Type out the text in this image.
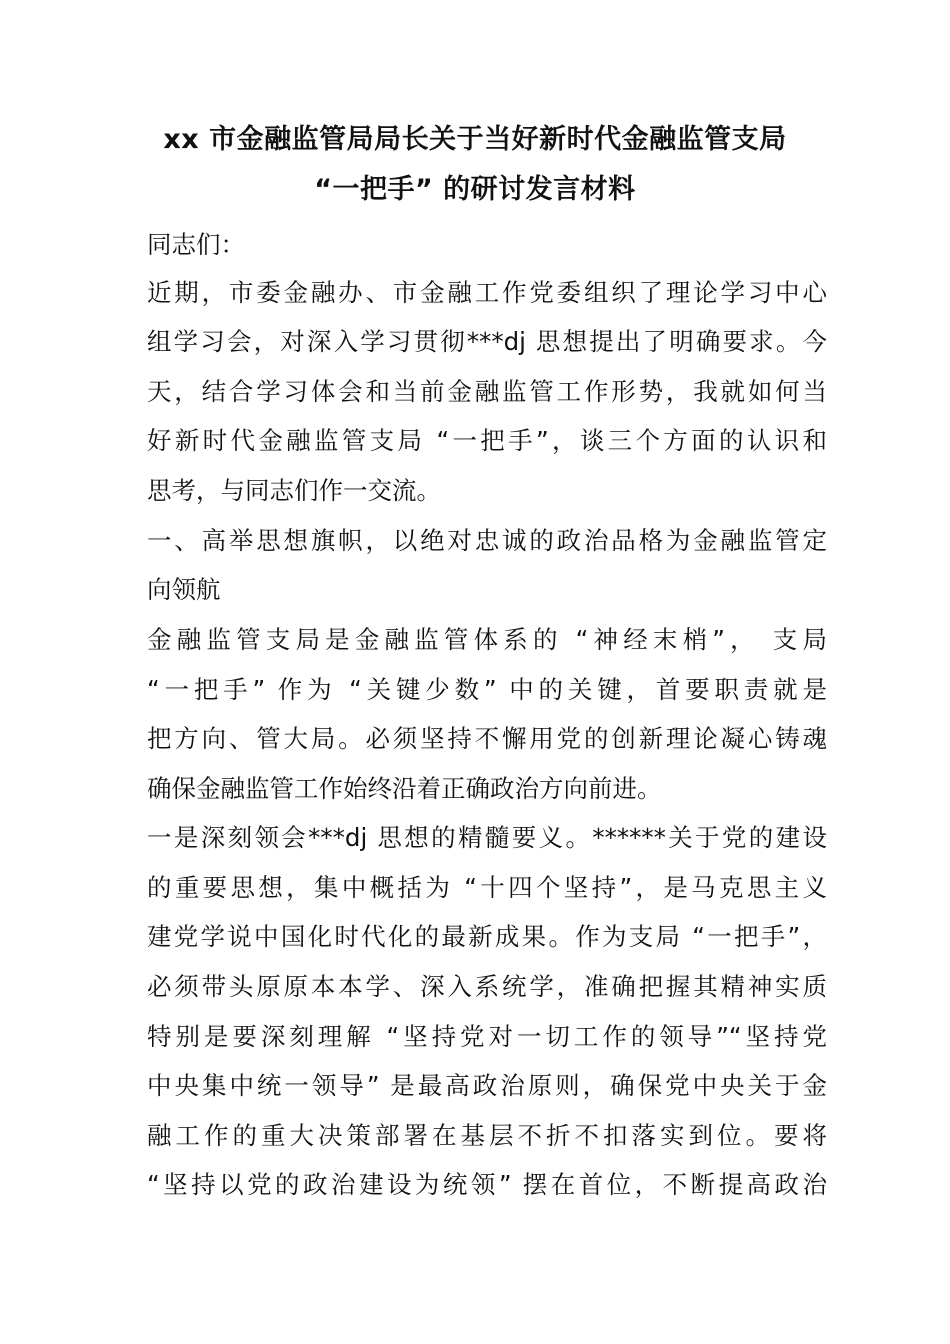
xx 市金融监管局局长关于当好新时代金融监管支局
“一把手” 的研讨发言材料
同志们：
近期，市委金融办、市金融工作党委组织了理论学习中心
组学习会，对深入学习贯彻***dj 思想提出了明确要求。今
天，结合学习体会和当前金融监管工作形势，我就如何当
好新时代金融监管支局 “一把手”，谈三个方面的认识和
思考，与同志们作一交流。
一、高举思想旗帜，以绝对忠诚的政治品格为金融监管定
向领航
金融监管支局是金融监管体系的 “神经末梢”， 支局
“一把手” 作为 “关键少数” 中的关键，首要职责就是
把方向、管大局。必须坚持不懈用党的创新理论凝心铸魂
确保金融监管工作始终沿着正确政治方向前进。
一是深刻领会***dj 思想的精髓要义。******关于党的建设
的重要思想，集中概括为 “十四个坚持”，是马克思主义
建党学说中国化时代化的最新成果。作为支局 “一把手”，
必须带头原原本本学、深入系统学，准确把握其精神实质
特别是要深刻理解 “坚持党对一切工作的领导”“坚持党
中央集中统一领导” 是最高政治原则，确保党中央关于金
融工作的重大决策部署在基层不折不扣落实到位。要将
“坚持以党的政治建设为统领” 摆在首位，不断提高政治
